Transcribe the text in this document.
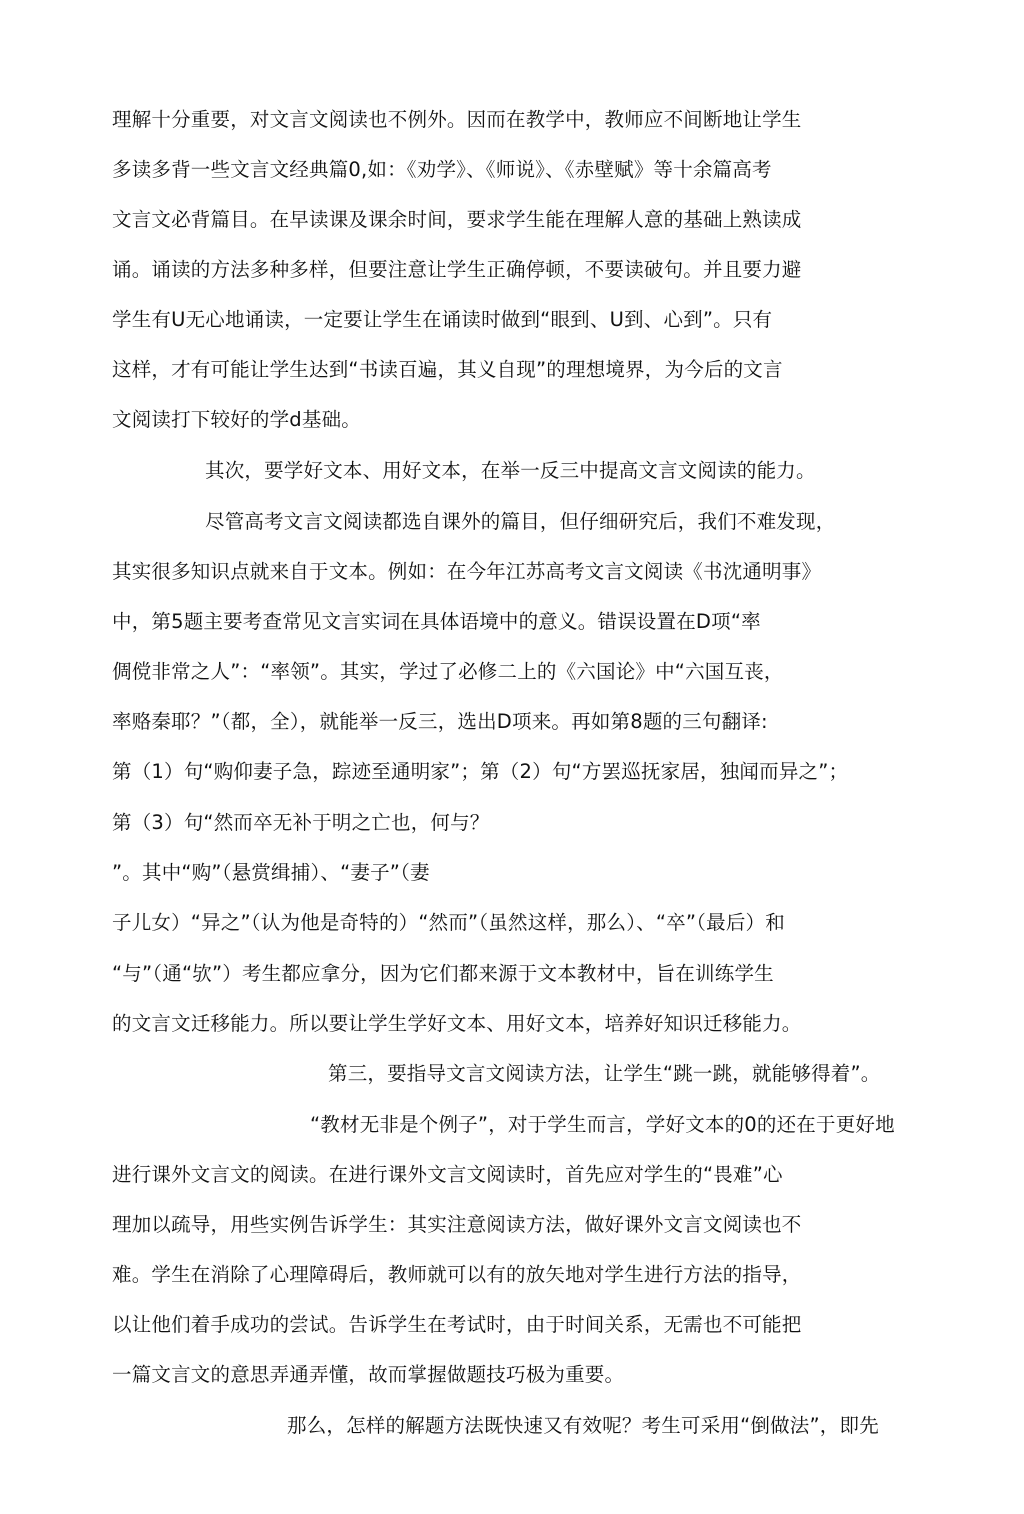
理解十分重要，对文言文阅读也不例外。因而在教学中，教师应不间断地让学生
多读多背一些文言文经典篇0,如：《劝学》、《师说》、《赤壁赋》等十余篇高考
文言文必背篇目。在早读课及课余时间，要求学生能在理解人意的基础上熟读成
诵。诵读的方法多种多样，但要注意让学生正确停顿，不要读破句。并且要力避
学生有U无心地诵读，一定要让学生在诵读时做到“眼到、U到、心到”。只有
这样，才有可能让学生达到“书读百遍，其义自现”的理想境界，为今后的文言
文阅读打下较好的学d基础。
其次，要学好文本、用好文本，在举一反三中提高文言文阅读的能力。
尽管高考文言文阅读都选自课外的篇目，但仔细研究后，我们不难发现，
其实很多知识点就来自于文本。例如：在今年江苏高考文言文阅读《书沈通明事》
中，第5题主要考查常见文言实词在具体语境中的意义。错误设置在D项“率
倜傥非常之人”：“率领”。其实，学过了必修二上的《六国论》中“六国互丧，
率赂秦耶？”（都，全），就能举一反三，选出D项来。再如第8题的三句翻译:
第（1）句“购仰妻子急，踪迹至通明家”；第（2）句“方罢巡抚家居，独闻而异之”；
第（3）句“然而卒无补于明之亡也，何与？
”。其中“购”（悬赏缉捕）、“妻子”（妻
子儿女）“异之”（认为他是奇特的）“然而”（虽然这样，那么）、“卒”（最后）和
“与”（通“欤”）考生都应拿分，因为它们都来源于文本教材中，旨在训练学生
的文言文迁移能力。所以要让学生学好文本、用好文本，培养好知识迁移能力。
第三，要指导文言文阅读方法，让学生“跳一跳，就能够得着”。
“教材无非是个例子”，对于学生而言，学好文本的0的还在于更好地
进行课外文言文的阅读。在进行课外文言文阅读时，首先应对学生的“畏难”心
理加以疏导，用些实例告诉学生：其实注意阅读方法，做好课外文言文阅读也不
难。学生在消除了心理障碍后，教师就可以有的放矢地对学生进行方法的指导，
以让他们着手成功的尝试。告诉学生在考试时，由于时间关系，无需也不可能把
一篇文言文的意思弄通弄懂，故而掌握做题技巧极为重要。
那么，怎样的解题方法既快速又有效呢？考生可采用“倒做法”，即先
